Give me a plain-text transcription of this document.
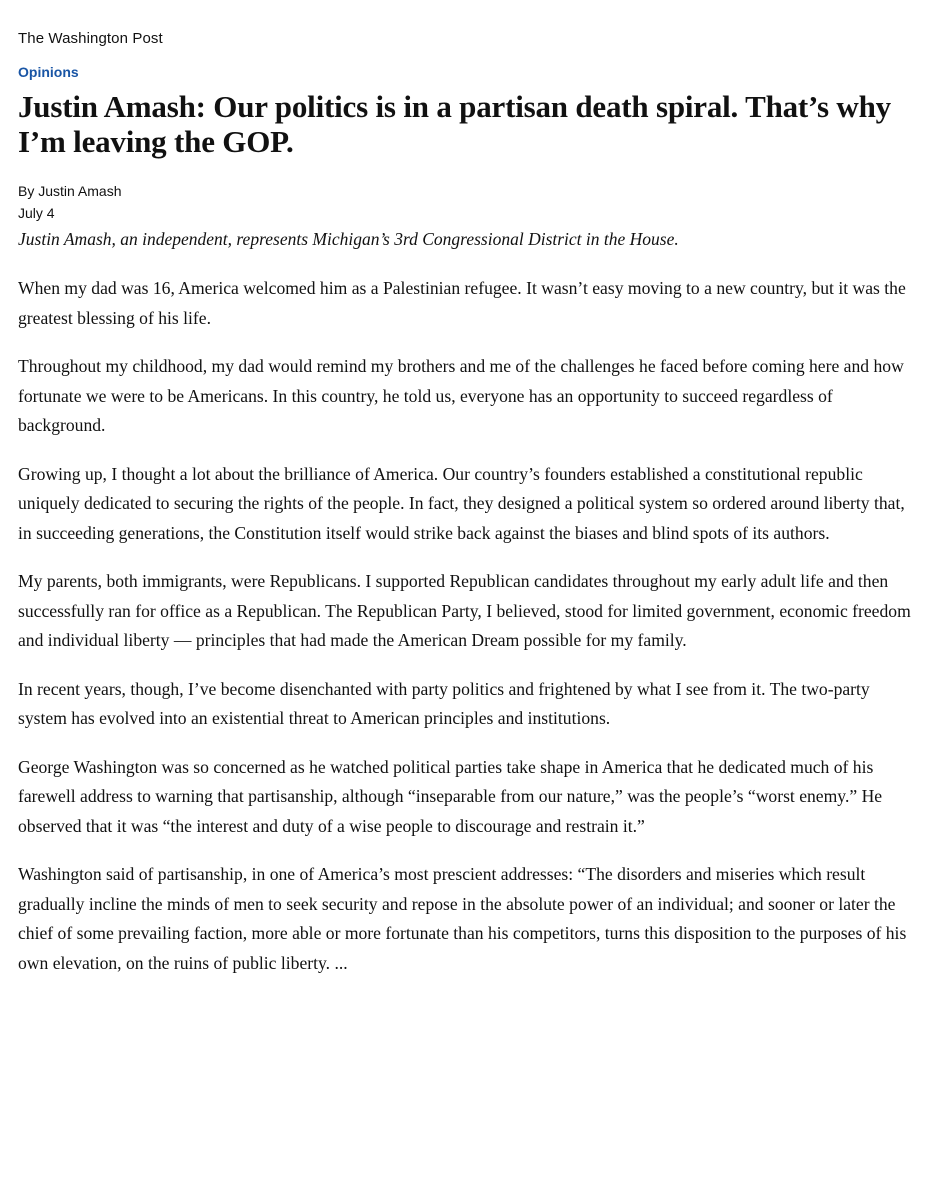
The Washington Post
Opinions
Justin Amash: Our politics is in a partisan death spiral. That’s why I’m leaving the GOP.
By Justin Amash
July 4
Justin Amash, an independent, represents Michigan’s 3rd Congressional District in the House.

When my dad was 16, America welcomed him as a Palestinian refugee. It wasn’t easy moving to a new country, but it was the greatest blessing of his life.

Throughout my childhood, my dad would remind my brothers and me of the challenges he faced before coming here and how fortunate we were to be Americans. In this country, he told us, everyone has an opportunity to succeed regardless of background.

Growing up, I thought a lot about the brilliance of America. Our country’s founders established a constitutional republic uniquely dedicated to securing the rights of the people. In fact, they designed a political system so ordered around liberty that, in succeeding generations, the Constitution itself would strike back against the biases and blind spots of its authors.

My parents, both immigrants, were Republicans. I supported Republican candidates throughout my early adult life and then successfully ran for office as a Republican. The Republican Party, I believed, stood for limited government, economic freedom and individual liberty — principles that had made the American Dream possible for my family.

In recent years, though, I’ve become disenchanted with party politics and frightened by what I see from it. The two-party system has evolved into an existential threat to American principles and institutions.

George Washington was so concerned as he watched political parties take shape in America that he dedicated much of his farewell address to warning that partisanship, although “inseparable from our nature,” was the people’s “worst enemy.” He observed that it was “the interest and duty of a wise people to discourage and restrain it.”

Washington said of partisanship, in one of America’s most prescient addresses: “The disorders and miseries which result gradually incline the minds of men to seek security and repose in the absolute power of an individual; and sooner or later the chief of some prevailing faction, more able or more fortunate than his competitors, turns this disposition to the purposes of his own elevation, on the ruins of public liberty. ...
